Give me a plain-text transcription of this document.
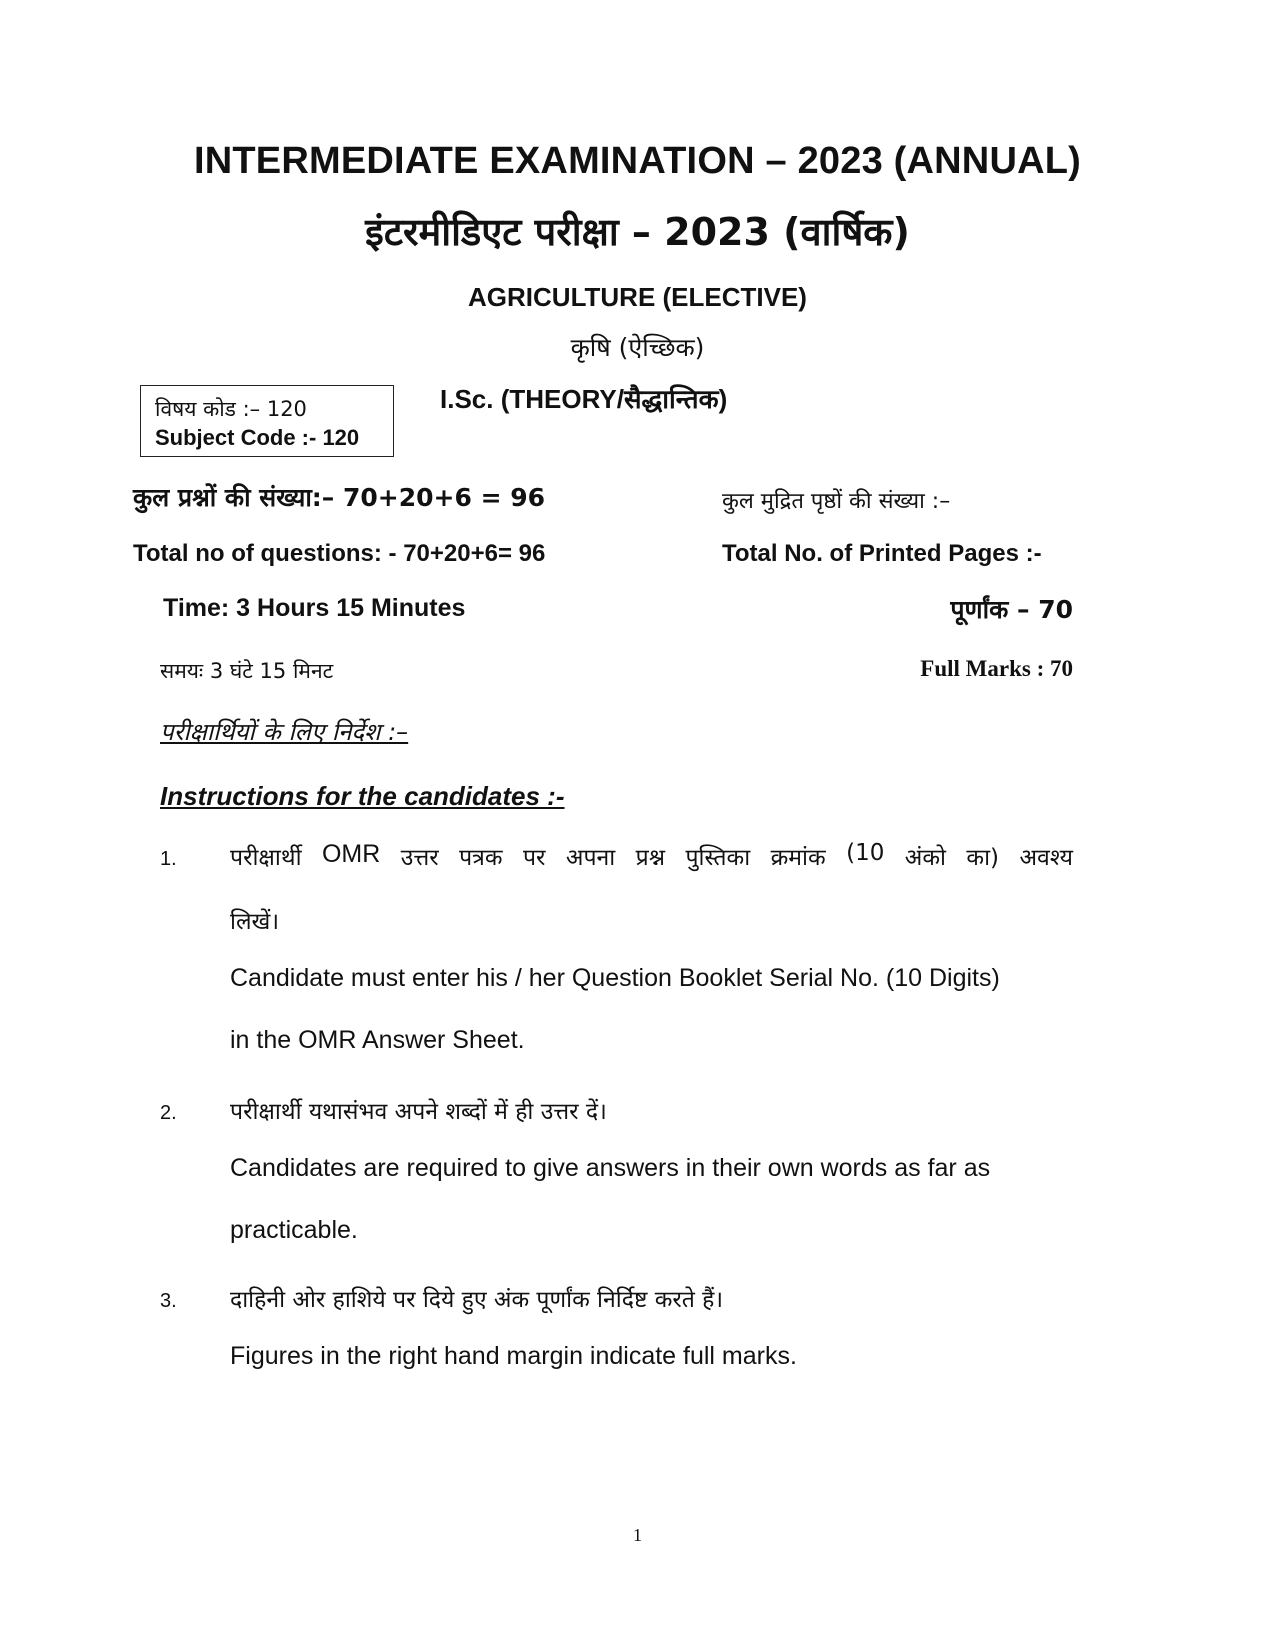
INTERMEDIATE EXAMINATION – 2023 (ANNUAL)
इंटरमीडिएट परीक्षा – 2023 (वार्षिक)
AGRICULTURE (ELECTIVE)
कृषि (ऐच्छिक)
विषय कोड :– 120
Subject Code :- 120
I.Sc. (THEORY/सैद्धान्तिक)
कुल प्रश्नों की संख्या:– 70+20+6 = 96	कुल मुद्रित पृष्ठों की संख्या :–
Total no of questions: - 70+20+6= 96	Total No. of Printed Pages :-
Time: 3 Hours 15 Minutes	पूर्णांक – 70
समयः 3 घंटे 15 मिनट	Full Marks : 70
परीक्षार्थियों के लिए निर्देश :–
Instructions for the candidates :-
1. परीक्षार्थी OMR उत्तर पत्रक पर अपना प्रश्न पुस्तिका क्रमांक (10 अंको का) अवश्य
लिखें।
Candidate must enter his / her Question Booklet Serial No. (10 Digits)
in the OMR Answer Sheet.
2. परीक्षार्थी यथासंभव अपने शब्दों में ही उत्तर दें।
Candidates are required to give answers in their own words as far as
practicable.
3. दाहिनी ओर हाशिये पर दिये हुए अंक पूर्णांक निर्दिष्ट करते हैं।
Figures in the right hand margin indicate full marks.
1
